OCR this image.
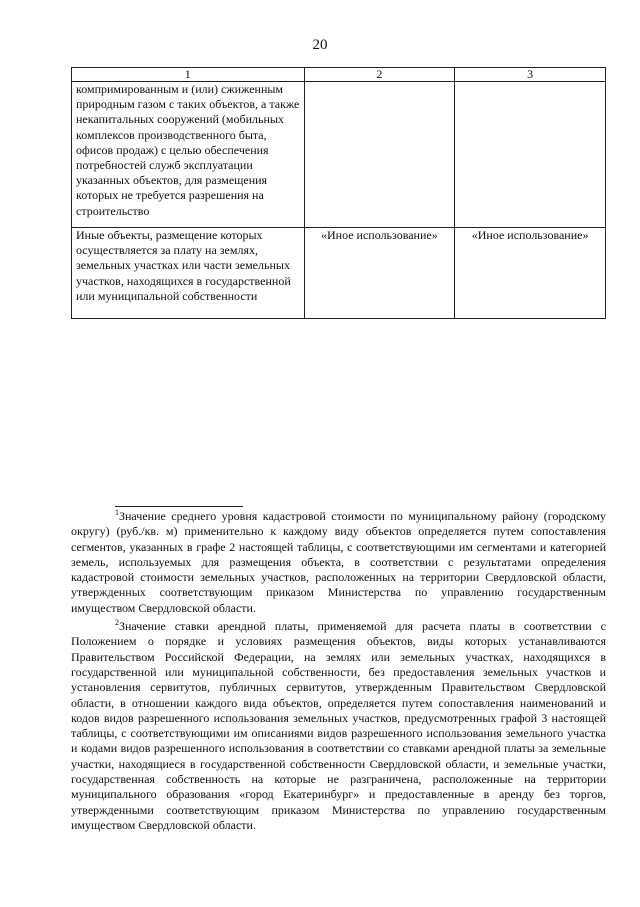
20
1	2	3
компримированным и (или) сжиженным природным газом с таких объектов, а также некапитальных сооружений (мобильных комплексов производственного быта, офисов продаж) с целью обеспечения потребностей служб эксплуатации указанных объектов, для размещения которых не требуется разрешения на строительство		
Иные объекты, размещение которых осуществляется за плату на землях, земельных участках или части земельных участков, находящихся в государственной или муниципальной собственности	«Иное использование»	«Иное использование»

$^1$Значение среднего уровня кадастровой стоимости по муниципальному району (городскому округу) (руб./кв. м) применительно к каждому виду объектов определяется путем сопоставления сегментов, указанных в графе 2 настоящей таблицы, с соответствующими им сегментами и категорией земель, используемых для размещения объекта, в соответствии с результатами определения кадастровой стоимости земельных участков, расположенных на территории Свердловской области, утвержденных соответствующим приказом Министерства по управлению государственным имуществом Свердловской области.

$^2$Значение ставки арендной платы, применяемой для расчета платы в соответствии с Положением о порядке и условиях размещения объектов, виды которых устанавливаются Правительством Российской Федерации, на землях или земельных участках, находящихся в государственной или муниципальной собственности, без предоставления земельных участков и установления сервитутов, публичных сервитутов, утвержденным Правительством Свердловской области, в отношении каждого вида объектов, определяется путем сопоставления наименований и кодов видов разрешенного использования земельных участков, предусмотренных графой 3 настоящей таблицы, с соответствующими им описаниями видов разрешенного использования земельного участка и кодами видов разрешенного использования в соответствии со ставками арендной платы за земельные участки, находящиеся в государственной собственности Свердловской области, и земельные участки, государственная собственность на которые не разграничена, расположенные на территории муниципального образования «город Екатеринбург» и предоставленные в аренду без торгов, утвержденными соответствующим приказом Министерства по управлению государственным имуществом Свердловской области.
